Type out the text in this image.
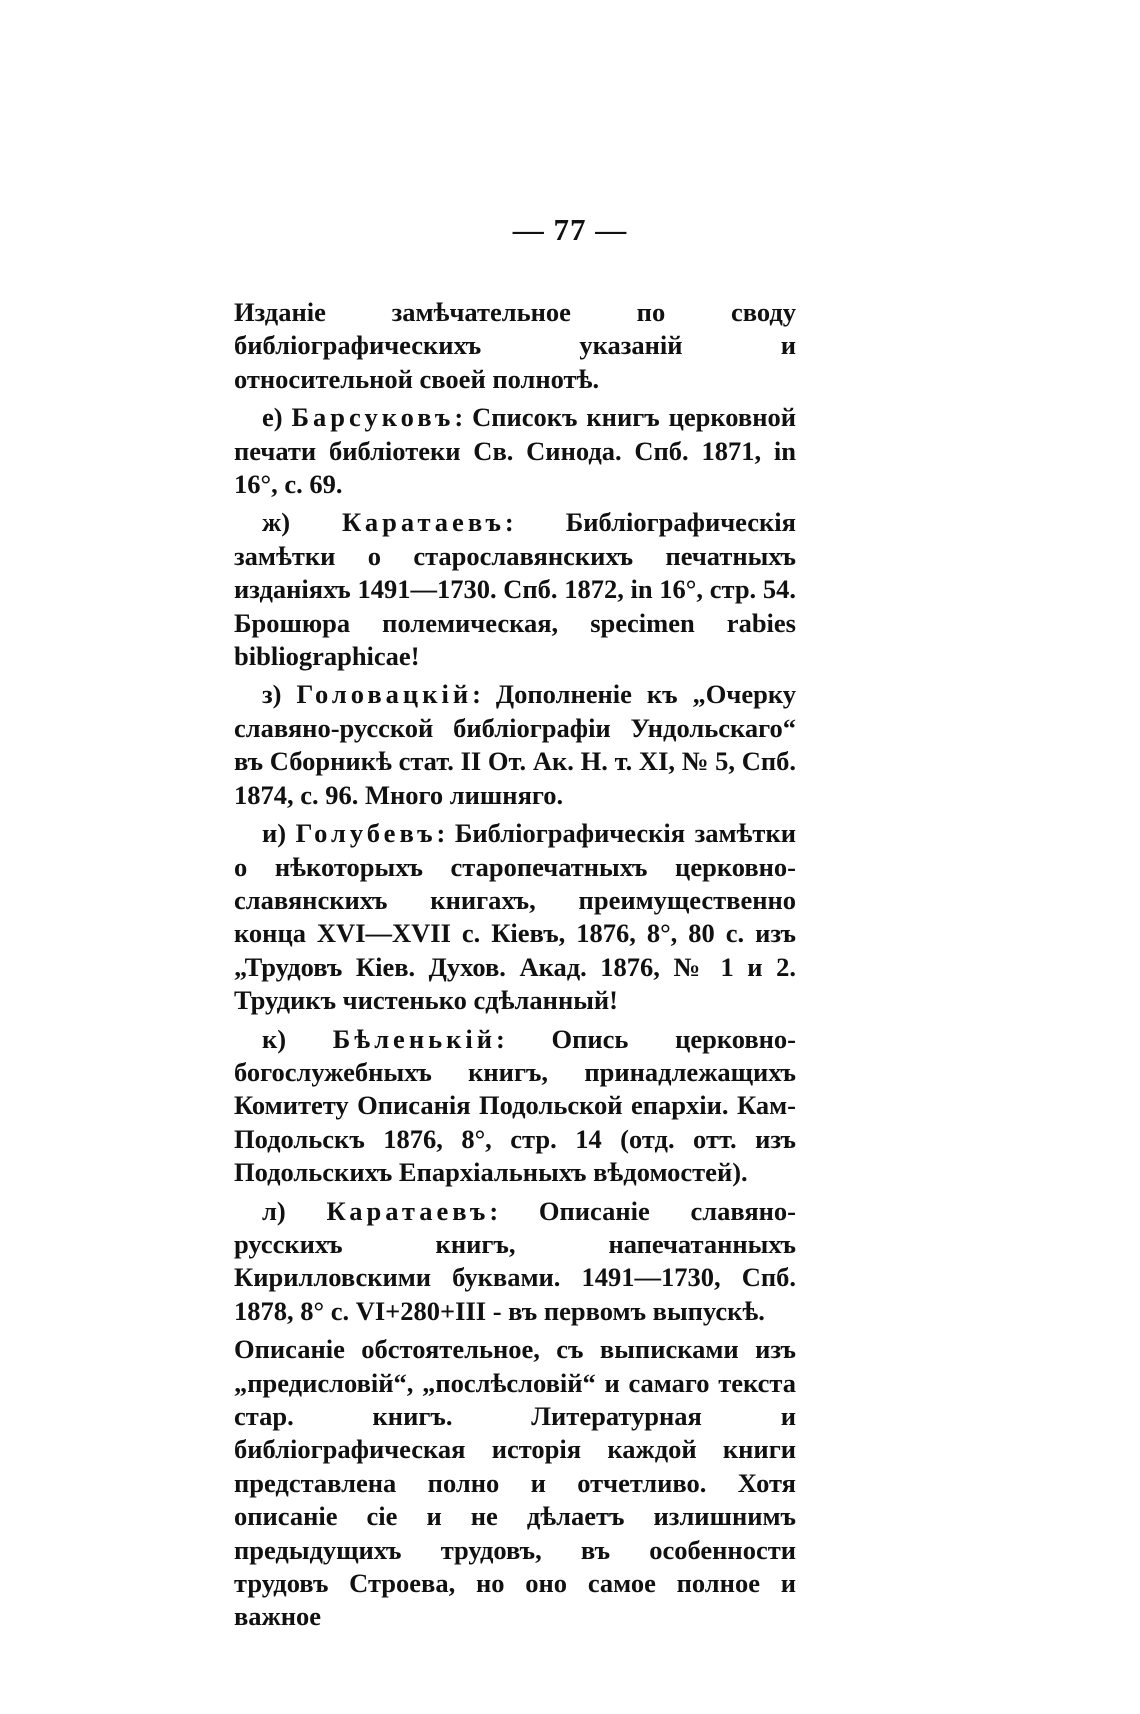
— 77 —

Изданіе замѣчательное по своду библіографическихъ указаній и относительной своей полнотѣ.

е) Барсуковъ: Списокъ книгъ церковной печати библіотеки Св. Синода. Спб. 1871, in 16°, с. 69.

ж) Каратаевъ: Библіографическія замѣтки о старославянскихъ печатныхъ изданіяхъ 1491—1730. Спб. 1872, in 16°, стр. 54. Брошюра полемическая, specimen rabies bibliographicae!

з) Головацкій: Дополненіе къ „Очерку славяно-русской библіографіи Ундольскаго“ въ Сборникѣ стат. II От. Ак. Н. т. XI, № 5, Спб. 1874, с. 96. Много лишняго.

и) Голубевъ: Библіографическія замѣтки о нѣкоторыхъ старопечатныхъ церковно-славянскихъ книгахъ, преимущественно конца XVI—XVII с. Кіевъ, 1876, 8°, 80 с. изъ „Трудовъ Кіев. Духов. Акад. 1876, № 1 и 2. Трудикъ чистенько сдѣланный!

к) Бѣленькій: Опись церковно-богослужебныхъ книгъ, принадлежащихъ Комитету Описанія Подольской епархіи. Кам-Подольскъ 1876, 8°, стр. 14 (отд. отт. изъ Подольскихъ Епархіальныхъ вѣдомостей).

л) Каратаевъ: Описаніе славяно-русскихъ книгъ, напечатанныхъ Кирилловскими буквами. 1491—1730, Спб. 1878, 8° с. VI+280+III - въ первомъ выпускѣ.

Описаніе обстоятельное, съ выписками изъ „предисловій“, „послѣсловій“ и самаго текста стар. книгъ. Литературная и библіографическая исторія каждой книги представлена полно и отчетливо. Хотя описаніе сіе и не дѣлаетъ излишнимъ предыдущихъ трудовъ, въ особенности трудовъ Строева, но оно самое полное и важное
